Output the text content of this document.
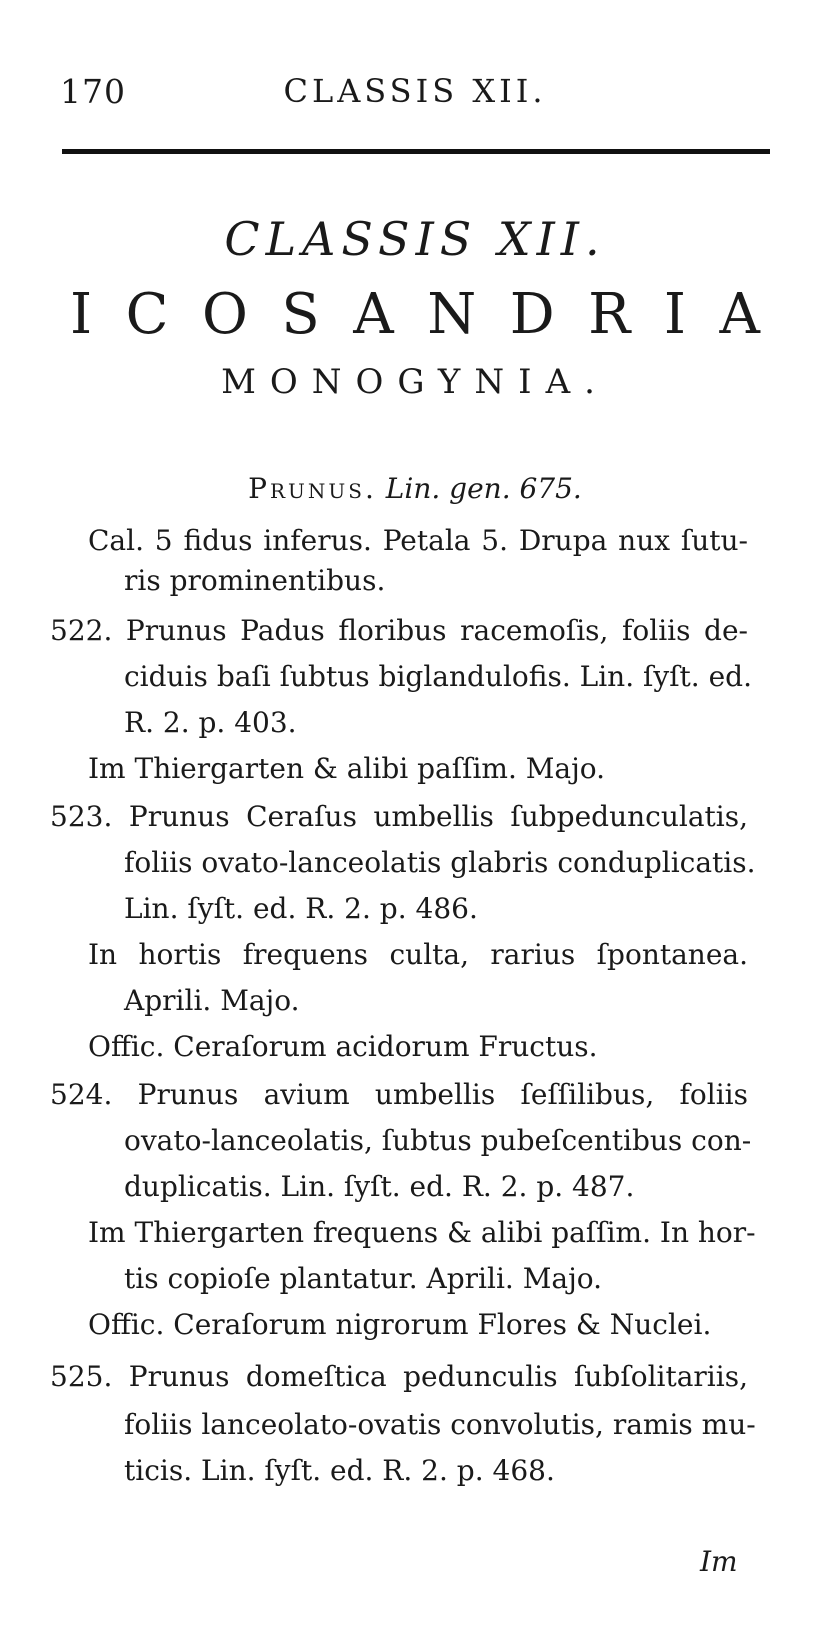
170	CLASSIS XII.
CLASSIS XII.
I C O S A N D R I A
MONOGYNIA.
Prunus. Lin. gen. 675.
Cal. 5 fidus inferus. Petala 5. Drupa nux ſutu-
ris prominentibus.
522. Prunus Padus floribus racemoſis, foliis de-
ciduis baſi ſubtus biglandulofis. Lin. ſyſt. ed.
R. 2. p. 403.
Im Thiergarten & alibi paſſim. Majo.
523. Prunus Ceraſus umbellis ſubpedunculatis,
foliis ovato-lanceolatis glabris conduplicatis.
Lin. ſyſt. ed. R. 2. p. 486.
In hortis frequens culta, rarius ſpontanea.
Aprili. Majo.
Offic. Ceraſorum acidorum Fructus.
524. Prunus avium umbellis ſeſſilibus, foliis
ovato-lanceolatis, ſubtus pubeſcentibus con-
duplicatis. Lin. ſyſt. ed. R. 2. p. 487.
Im Thiergarten frequens & alibi paſſim. In hor-
tis copioſe plantatur. Aprili. Majo.
Offic. Ceraſorum nigrorum Flores & Nuclei.
525. Prunus domeſtica pedunculis ſubſolitariis,
foliis lanceolato-ovatis convolutis, ramis mu-
ticis. Lin. ſyſt. ed. R. 2. p. 468.
Im
